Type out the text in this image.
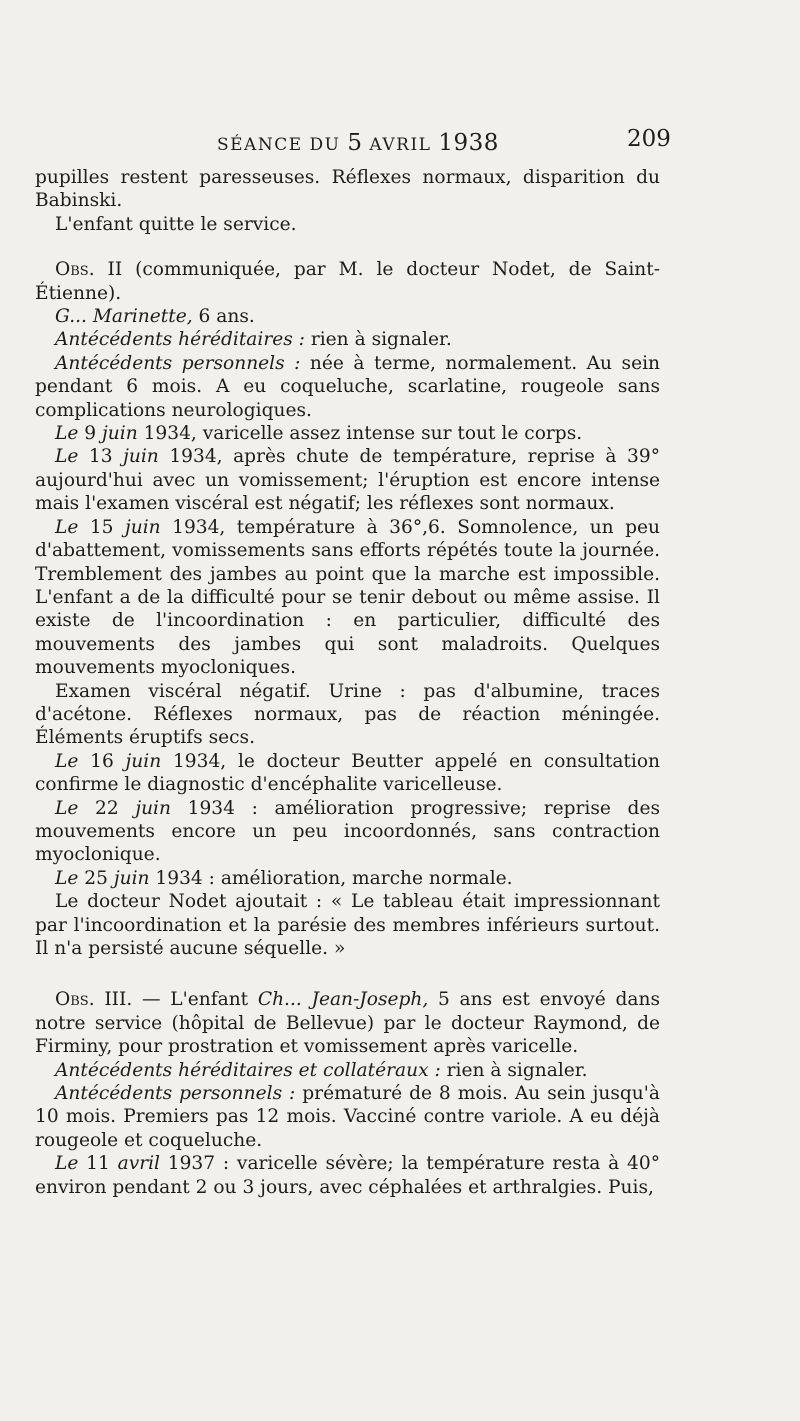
SÉANCE DU 5 AVRIL 1938	209

pupilles restent paresseuses. Réflexes normaux, disparition du Babinski.

L'enfant quitte le service.

Obs. II (communiquée, par M. le docteur Nodet, de Saint-Étienne).

G... Marinette, 6 ans.

Antécédents héréditaires : rien à signaler.

Antécédents personnels : née à terme, normalement. Au sein pendant 6 mois. A eu coqueluche, scarlatine, rougeole sans complications neurologiques.

Le 9 juin 1934, varicelle assez intense sur tout le corps.

Le 13 juin 1934, après chute de température, reprise à 39° aujourd'hui avec un vomissement; l'éruption est encore intense mais l'examen viscéral est négatif; les réflexes sont normaux.

Le 15 juin 1934, température à 36°,6. Somnolence, un peu d'abattement, vomissements sans efforts répétés toute la journée. Tremblement des jambes au point que la marche est impossible. L'enfant a de la difficulté pour se tenir debout ou même assise. Il existe de l'incoordination : en particulier, difficulté des mouvements des jambes qui sont maladroits. Quelques mouvements myocloniques.

Examen viscéral négatif. Urine : pas d'albumine, traces d'acétone. Réflexes normaux, pas de réaction méningée. Éléments éruptifs secs.

Le 16 juin 1934, le docteur Beutter appelé en consultation confirme le diagnostic d'encéphalite varicelleuse.

Le 22 juin 1934 : amélioration progressive; reprise des mouvements encore un peu incoordonnés, sans contraction myoclonique.

Le 25 juin 1934 : amélioration, marche normale.

Le docteur Nodet ajoutait : « Le tableau était impressionnant par l'incoordination et la parésie des membres inférieurs surtout. Il n'a persisté aucune séquelle. »

Obs. III. — L'enfant Ch... Jean-Joseph, 5 ans est envoyé dans notre service (hôpital de Bellevue) par le docteur Raymond, de Firminy, pour prostration et vomissement après varicelle.

Antécédents héréditaires et collatéraux : rien à signaler.

Antécédents personnels : prématuré de 8 mois. Au sein jusqu'à 10 mois. Premiers pas 12 mois. Vacciné contre variole. A eu déjà rougeole et coqueluche.

Le 11 avril 1937 : varicelle sévère; la température resta à 40° environ pendant 2 ou 3 jours, avec céphalées et arthralgies. Puis,
